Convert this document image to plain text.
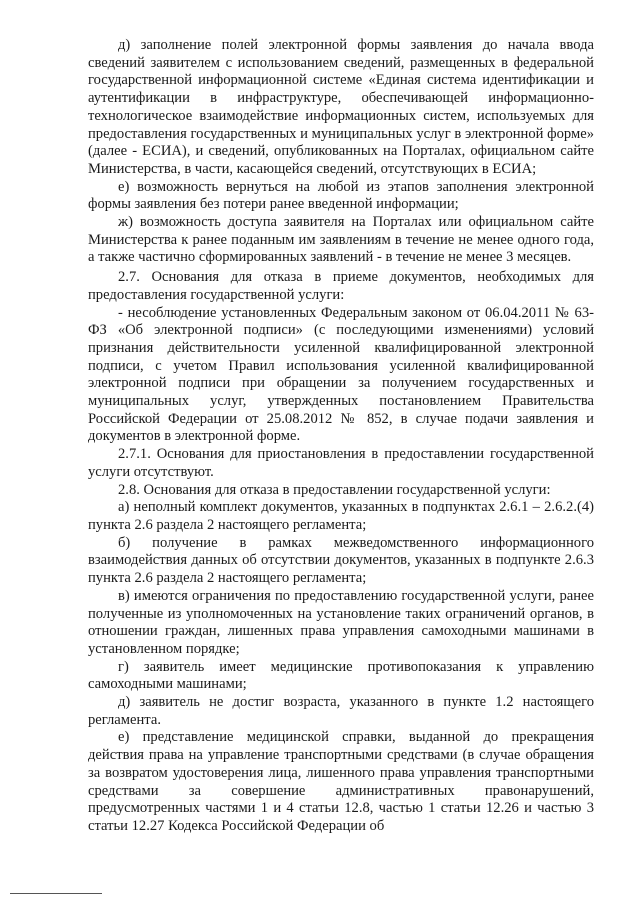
д) заполнение полей электронной формы заявления до начала ввода сведений заявителем с использованием сведений, размещенных в федеральной государственной информационной системе «Единая система идентификации и аутентификации в инфраструктуре, обеспечивающей информационно-технологическое взаимодействие информационных систем, используемых для предоставления государственных и муниципальных услуг в электронной форме» (далее - ЕСИА), и сведений, опубликованных на Порталах, официальном сайте Министерства, в части, касающейся сведений, отсутствующих в ЕСИА;

е) возможность вернуться на любой из этапов заполнения электронной формы заявления без потери ранее введенной информации;

ж) возможность доступа заявителя на Порталах или официальном сайте Министерства к ранее поданным им заявлениям в течение не менее одного года, а также частично сформированных заявлений - в течение не менее 3 месяцев.

2.7. Основания для отказа в приеме документов, необходимых для предоставления государственной услуги:

- несоблюдение установленных Федеральным законом от 06.04.2011 № 63-ФЗ «Об электронной подписи» (с последующими изменениями) условий признания действительности усиленной квалифицированной электронной подписи, с учетом Правил использования усиленной квалифицированной электронной подписи при обращении за получением государственных и муниципальных услуг, утвержденных постановлением Правительства Российской Федерации от 25.08.2012 № 852, в случае подачи заявления и документов в электронной форме.

2.7.1. Основания для приостановления в предоставлении государственной услуги отсутствуют.

2.8. Основания для отказа в предоставлении государственной услуги:

а) неполный комплект документов, указанных в подпунктах 2.6.1 – 2.6.2.(4) пункта 2.6 раздела 2 настоящего регламента;

б) получение в рамках межведомственного информационного взаимодействия данных об отсутствии документов, указанных в подпункте 2.6.3 пункта 2.6 раздела 2 настоящего регламента;

в) имеются ограничения по предоставлению государственной услуги, ранее полученные из уполномоченных на установление таких ограничений органов, в отношении граждан, лишенных права управления самоходными машинами в установленном порядке;

г) заявитель имеет медицинские противопоказания к управлению самоходными машинами;

д) заявитель не достиг возраста, указанного в пункте 1.2 настоящего регламента.

е) представление медицинской справки, выданной до прекращения действия права на управление транспортными средствами (в случае обращения за возвратом удостоверения лица, лишенного права управления транспортными средствами за совершение административных правонарушений, предусмотренных частями 1 и 4 статьи 12.8, частью 1 статьи 12.26 и частью 3 статьи 12.27 Кодекса Российской Федерации об
